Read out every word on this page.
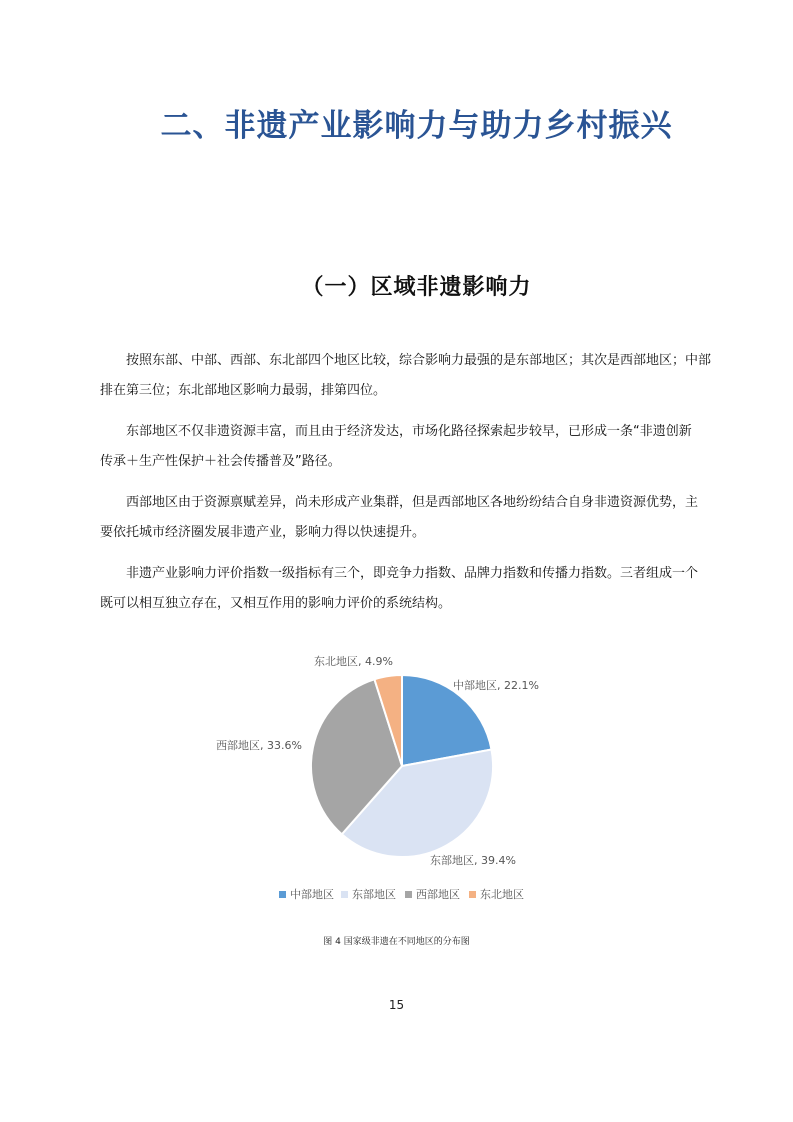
二、非遗产业影响力与助力乡村振兴
（一）区域非遗影响力

　　按照东部、中部、西部、东北部四个地区比较，综合影响力最强的是东部地区；其次是西部地区；中部
排在第三位；东北部地区影响力最弱，排第四位。

　　东部地区不仅非遗资源丰富，而且由于经济发达，市场化路径探索起步较早，已形成一条“非遗创新
传承＋生产性保护＋社会传播普及”路径。

　　西部地区由于资源禀赋差异，尚未形成产业集群，但是西部地区各地纷纷结合自身非遗资源优势，主
要依托城市经济圈发展非遗产业，影响力得以快速提升。

　　非遗产业影响力评价指数一级指标有三个，即竞争力指数、品牌力指数和传播力指数。三者组成一个
既可以相互独立存在，又相互作用的影响力评价的系统结构。

中部地区, 22.1%
东部地区, 39.4%
西部地区, 33.6%
东北地区, 4.9%
中部地区 东部地区 西部地区 东北地区
图 4 国家级非遗在不同地区的分布图
15
